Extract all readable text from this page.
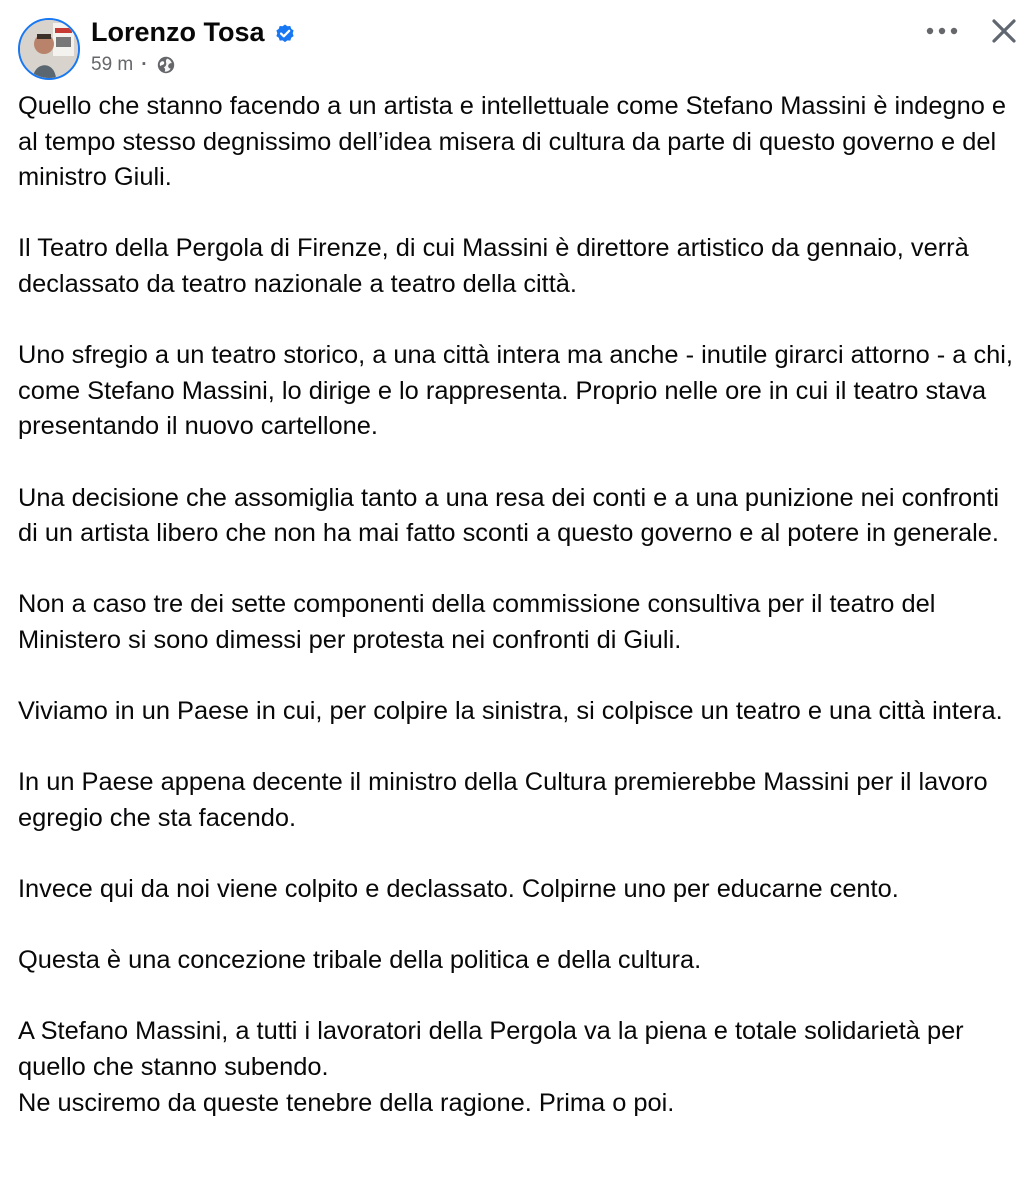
Lorenzo Tosa
59 m ·

Quello che stanno facendo a un artista e intellettuale come Stefano Massini è indegno e al tempo stesso degnissimo dell’idea misera di cultura da parte di questo governo e del ministro Giuli.

Il Teatro della Pergola di Firenze, di cui Massini è direttore artistico da gennaio, verrà declassato da teatro nazionale a teatro della città.

Uno sfregio a un teatro storico, a una città intera ma anche - inutile girarci attorno - a chi, come Stefano Massini, lo dirige e lo rappresenta. Proprio nelle ore in cui il teatro stava presentando il nuovo cartellone.

Una decisione che assomiglia tanto a una resa dei conti e a una punizione nei confronti di un artista libero che non ha mai fatto sconti a questo governo e al potere in generale.

Non a caso tre dei sette componenti della commissione consultiva per il teatro del Ministero si sono dimessi per protesta nei confronti di Giuli.

Viviamo in un Paese in cui, per colpire la sinistra, si colpisce un teatro e una città intera.

In un Paese appena decente il ministro della Cultura premierebbe Massini per il lavoro egregio che sta facendo.

Invece qui da noi viene colpito e declassato. Colpirne uno per educarne cento.

Questa è una concezione tribale della politica e della cultura.

A Stefano Massini, a tutti i lavoratori della Pergola va la piena e totale solidarietà per quello che stanno subendo.
Ne usciremo da queste tenebre della ragione. Prima o poi.
